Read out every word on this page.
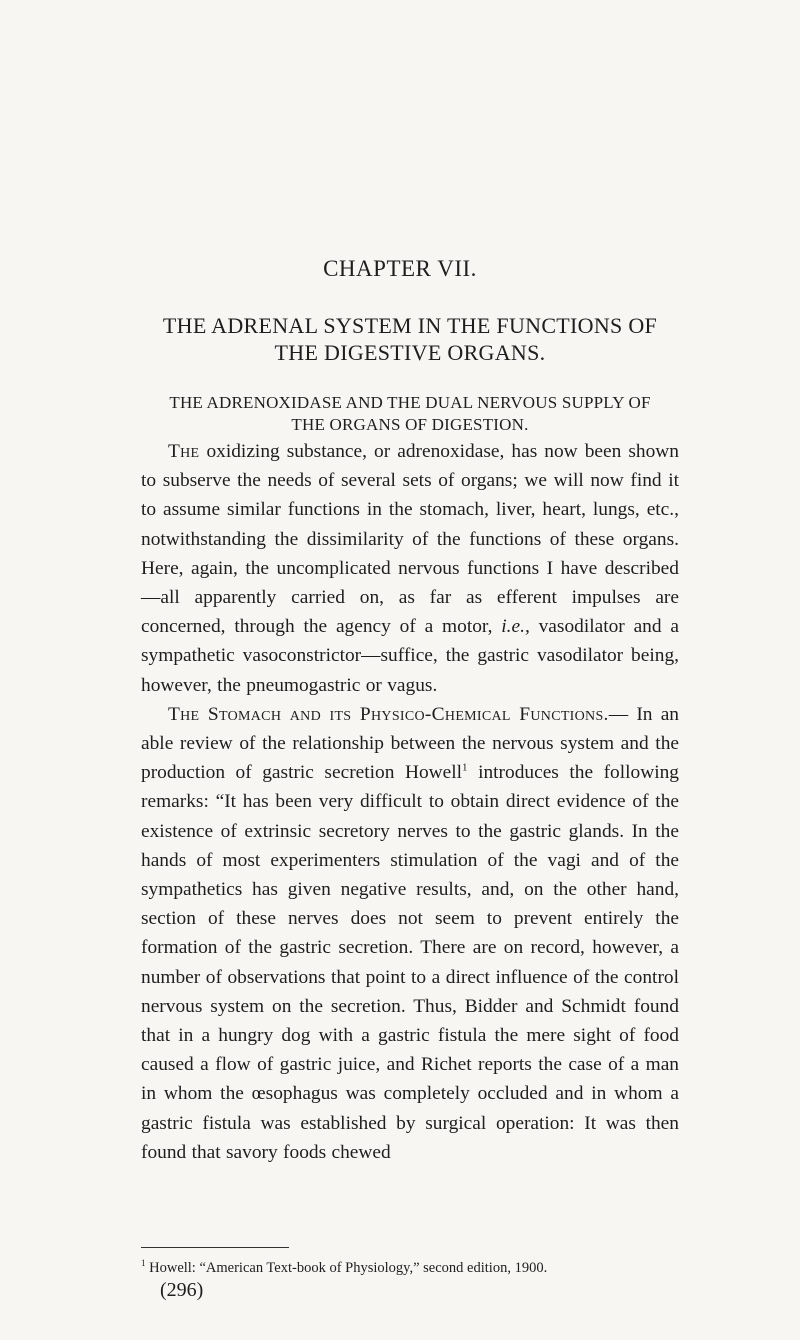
CHAPTER VII.
THE ADRENAL SYSTEM IN THE FUNCTIONS OF
THE DIGESTIVE ORGANS.
THE ADRENOXIDASE AND THE DUAL NERVOUS SUPPLY OF
THE ORGANS OF DIGESTION.

The oxidizing substance, or adrenoxidase, has now been shown to subserve the needs of several sets of organs; we will now find it to assume similar functions in the stomach, liver, heart, lungs, etc., notwithstanding the dissimilarity of the functions of these organs. Here, again, the uncomplicated nervous functions I have described—all apparently carried on, as far as efferent impulses are concerned, through the agency of a motor, i.e., vasodilator and a sympathetic vasoconstrictor—suffice, the gastric vasodilator being, however, the pneumogastric or vagus.

The Stomach and its Physico-Chemical Functions.— In an able review of the relationship between the nervous system and the production of gastric secretion Howell$^1$ introduces the following remarks: “It has been very difficult to obtain direct evidence of the existence of extrinsic secretory nerves to the gastric glands. In the hands of most experimenters stimulation of the vagi and of the sympathetics has given negative results, and, on the other hand, section of these nerves does not seem to prevent entirely the formation of the gastric secretion. There are on record, however, a number of observations that point to a direct influence of the control nervous system on the secretion. Thus, Bidder and Schmidt found that in a hungry dog with a gastric fistula the mere sight of food caused a flow of gastric juice, and Richet reports the case of a man in whom the œsophagus was completely occluded and in whom a gastric fistula was established by surgical operation: It was then found that savory foods chewed

$^1$ Howell: “American Text-book of Physiology,” second edition, 1900.
(296)
